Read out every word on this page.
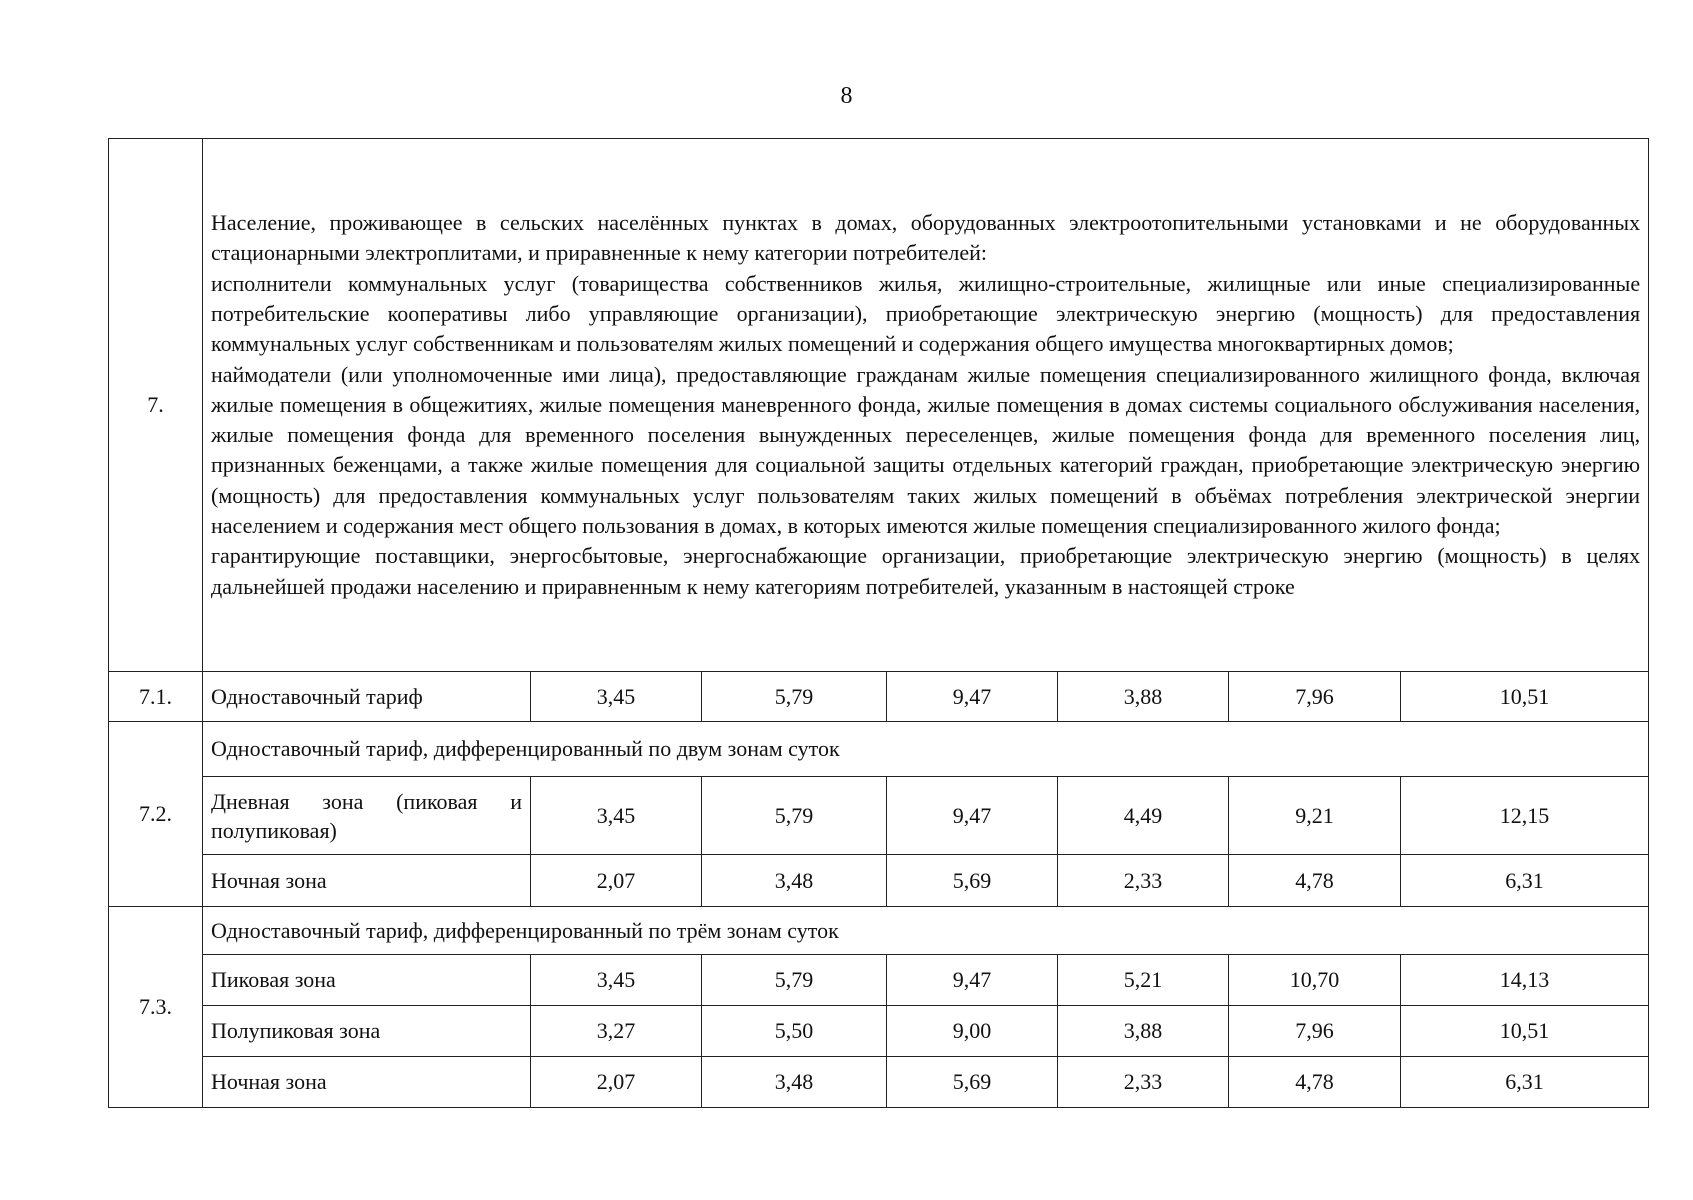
8
7.	Население, проживающее в сельских населённых пунктах в домах, оборудованных электроотопительными установками и не оборудованных стационарными электроплитами, и приравненные к нему категории потребителей:

исполнители коммунальных услуг (товарищества собственников жилья, жилищно-строительные, жилищные или иные специализированные потребительские кооперативы либо управляющие организации), приобретающие электрическую энергию (мощность) для предоставления коммунальных услуг собственникам и пользователям жилых помещений и содержания общего имущества многоквартирных домов;

наймодатели (или уполномоченные ими лица), предоставляющие гражданам жилые помещения специализированного жилищного фонда, включая жилые помещения в общежитиях, жилые помещения маневренного фонда, жилые помещения в домах системы социального обслуживания населения, жилые помещения фонда для временного поселения вынужденных переселенцев, жилые помещения фонда для временного поселения лиц, признанных беженцами, а также жилые помещения для социальной защиты отдельных категорий граждан, приобретающие электрическую энергию (мощность) для предоставления коммунальных услуг пользователям таких жилых помещений в объёмах потребления электрической энергии населением и содержания мест общего пользования в домах, в которых имеются жилые помещения специализированного жилого фонда;

гарантирующие поставщики, энергосбытовые, энергоснабжающие организации, приобретающие электрическую энергию (мощность) в целях дальнейшей продажи населению и приравненным к нему категориям потребителей, указанным в настоящей строке						

7.1.	Одноставочный тариф	3,45	5,79	9,47	3,88	7,96	10,51
7.2.	Одноставочный тариф, дифференцированный по двум зонам суток						
	Дневная зона (пиковая и полупиковая)	3,45	5,79	9,47	4,49	9,21	12,15
	Ночная зона	2,07	3,48	5,69	2,33	4,78	6,31
7.3.	Одноставочный тариф, дифференцированный по трём зонам суток						
	Пиковая зона	3,45	5,79	9,47	5,21	10,70	14,13
	Полупиковая зона	3,27	5,50	9,00	3,88	7,96	10,51
	Ночная зона	2,07	3,48	5,69	2,33	4,78	6,31
